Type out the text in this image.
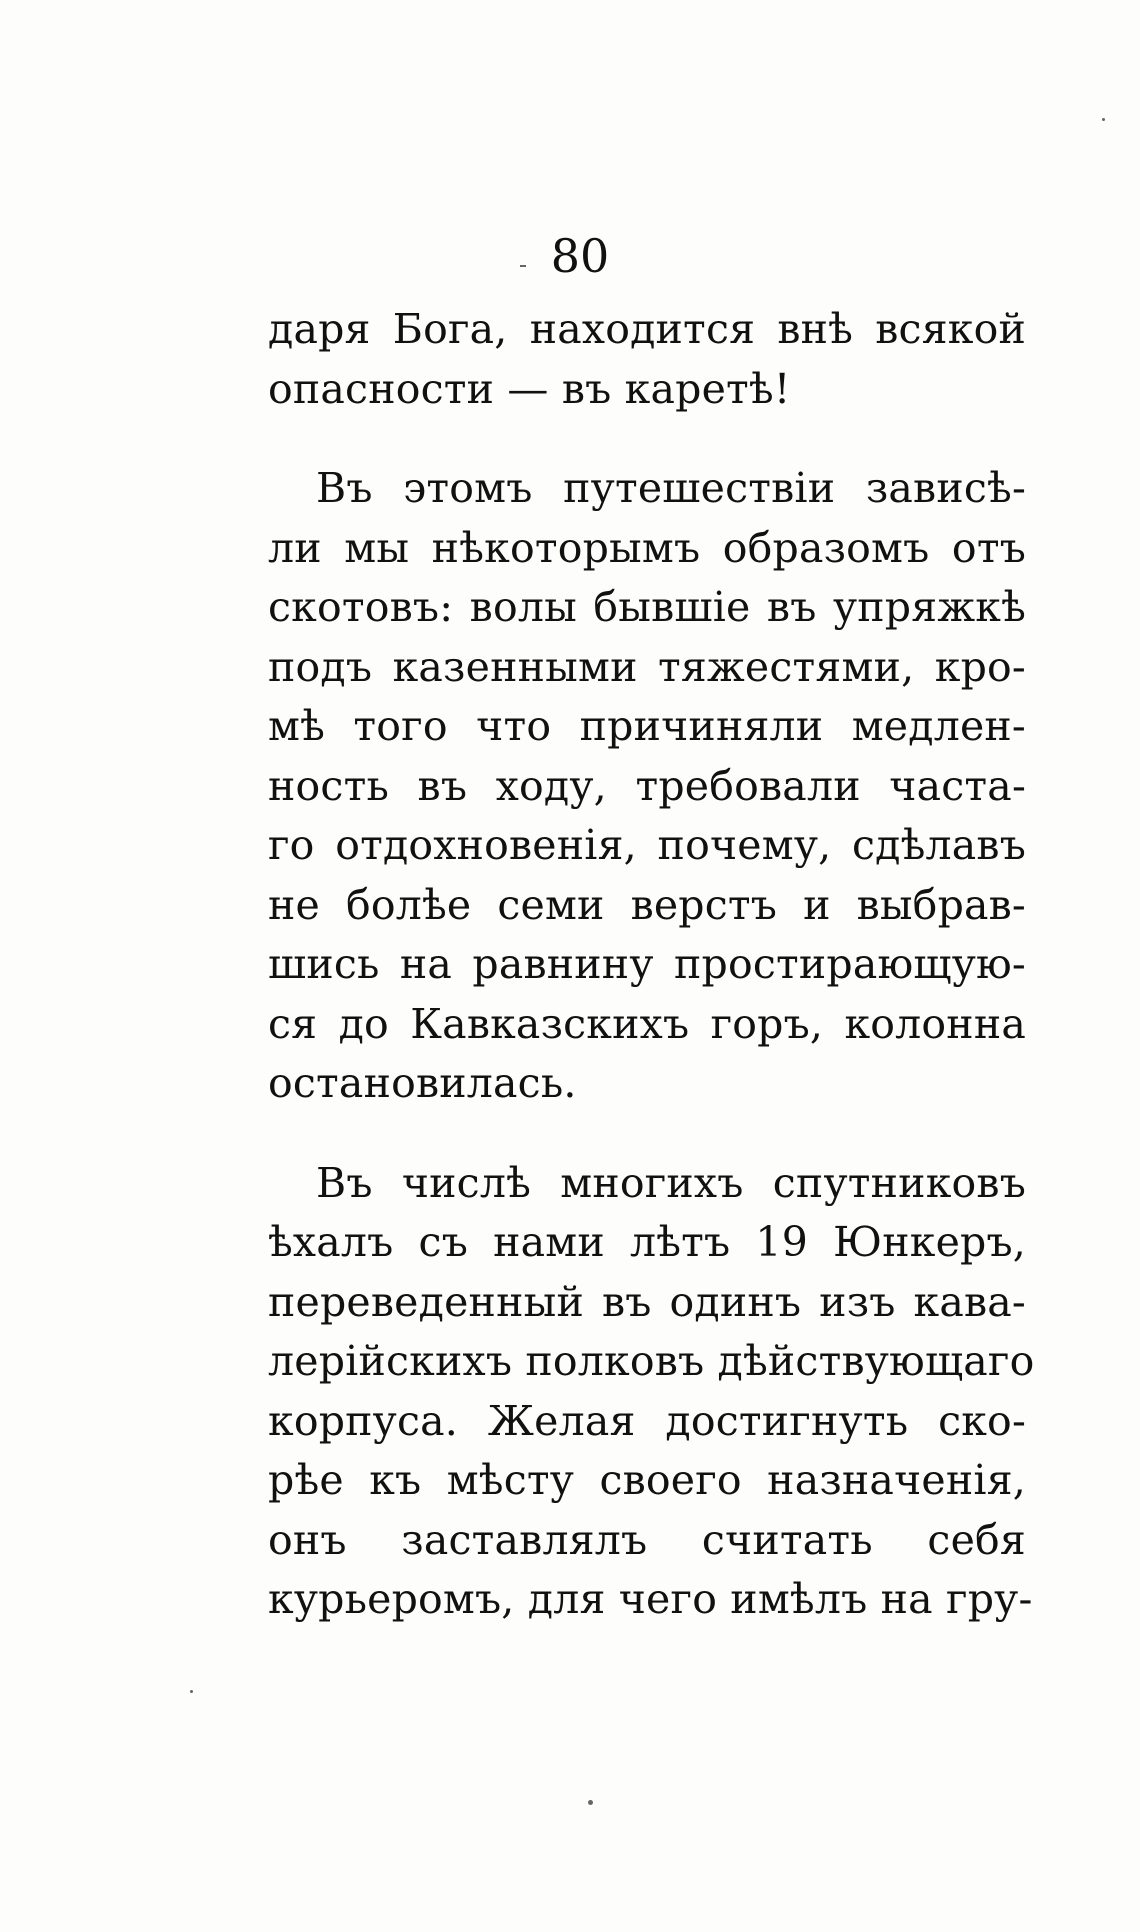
80
даря Бога, находится внѣ всякой
опасности — въ каретѣ!
Въ этомъ путешествіи зависѣ-
ли мы нѣкоторымъ образомъ отъ
скотовъ: волы бывшіе въ упряжкѣ
подъ казенными тяжестями, кро-
мѣ того что причиняли медлен-
ность въ ходу, требовали часта-
го отдохновенія, почему, сдѣлавъ
не болѣе семи верстъ и выбрав-
шись на равнину простирающую-
ся до Кавказскихъ горъ, колонна
остановилась.
Въ числѣ многихъ спутниковъ
ѣхалъ съ нами лѣтъ 19 Юнкеръ,
переведенный въ одинъ изъ кава-
лерійскихъ полковъ дѣйствующаго
корпуса. Желая достигнуть ско-
рѣе къ мѣсту своего назначенія,
онъ заставлялъ считать себя
курьеромъ, для чего имѣлъ на гру-
